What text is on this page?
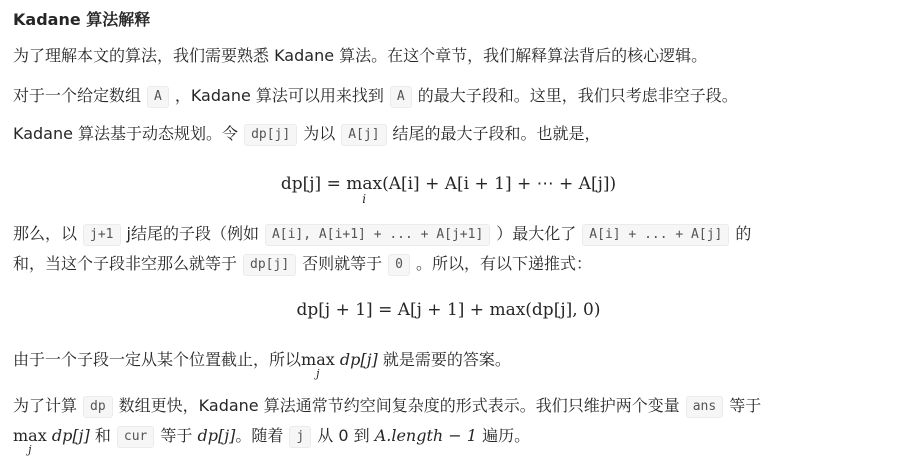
Kadane 算法解释
为了理解本文的算法，我们需要熟悉 Kadane 算法。在这个章节，我们解释算法背后的核心逻辑。
对于一个给定数组 A ，Kadane 算法可以用来找到 A 的最大子段和。这里，我们只考虑非空子段。
Kadane 算法基于动态规划。令 dp[j] 为以 A[j] 结尾的最大子段和。也就是，
dp[j] = max
i
(A[i] + A[i + 1] + ⋯ + A[j])
那么，以 j+1 j结尾的子段（例如 A[i], A[i+1] + ... + A[j+1] ）最大化了 A[i] + ... + A[j] 的
和，当这个子段非空那么就等于 dp[j] 否则就等于 0 。所以，有以下递推式：
dp[j + 1] = A[j + 1] + max(dp[j], 0)
由于一个子段一定从某个位置截止，所以max
j
dp[j] 就是需要的答案。
为了计算 dp 数组更快，Kadane 算法通常节约空间复杂度的形式表示。我们只维护两个变量 ans 等于
max
j
dp[j] 和 cur 等于 dp[j]。随着 j 从 0 到 A.length − 1 遍历。
